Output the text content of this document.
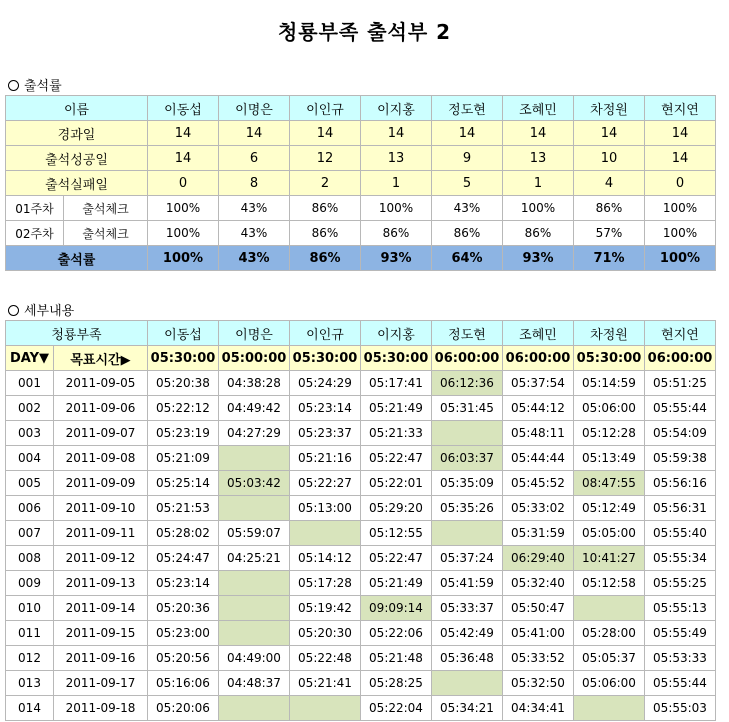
청룡부족 출석부 2
출석률
이름		이동섭	이명은	이인규	이지홍	정도현	조혜민	차정원	현지연
경과일		14	14	14	14	14	14	14	14
출석성공일		14	6	12	13	9	13	10	14
출석실패일		0	8	2	1	5	1	4	0
01주차	출석체크	100%	43%	86%	100%	43%	100%	86%	100%
02주차	출석체크	100%	43%	86%	86%	86%	86%	57%	100%
출석률		100%	43%	86%	93%	64%	93%	71%	100%
세부내용
청룡부족		이동섭	이명은	이인규	이지홍	정도현	조혜민	차정원	현지연
DAY▼	목표시간▶	05:30:00	05:00:00	05:30:00	05:30:00	06:00:00	06:00:00	05:30:00	06:00:00
001	2011-09-05	05:20:38	04:38:28	05:24:29	05:17:41	06:12:36	05:37:54	05:14:59	05:51:25
002	2011-09-06	05:22:12	04:49:42	05:23:14	05:21:49	05:31:45	05:44:12	05:06:00	05:55:44
003	2011-09-07	05:23:19	04:27:29	05:23:37	05:21:33		05:48:11	05:12:28	05:54:09
004	2011-09-08	05:21:09		05:21:16	05:22:47	06:03:37	05:44:44	05:13:49	05:59:38
005	2011-09-09	05:25:14	05:03:42	05:22:27	05:22:01	05:35:09	05:45:52	08:47:55	05:56:16
006	2011-09-10	05:21:53		05:13:00	05:29:20	05:35:26	05:33:02	05:12:49	05:56:31
007	2011-09-11	05:28:02	05:59:07		05:12:55		05:31:59	05:05:00	05:55:40
008	2011-09-12	05:24:47	04:25:21	05:14:12	05:22:47	05:37:24	06:29:40	10:41:27	05:55:34
009	2011-09-13	05:23:14		05:17:28	05:21:49	05:41:59	05:32:40	05:12:58	05:55:25
010	2011-09-14	05:20:36		05:19:42	09:09:14	05:33:37	05:50:47		05:55:13
011	2011-09-15	05:23:00		05:20:30	05:22:06	05:42:49	05:41:00	05:28:00	05:55:49
012	2011-09-16	05:20:56	04:49:00	05:22:48	05:21:48	05:36:48	05:33:52	05:05:37	05:53:33
013	2011-09-17	05:16:06	04:48:37	05:21:41	05:28:25		05:32:50	05:06:00	05:55:44
014	2011-09-18	05:20:06			05:22:04	05:34:21	04:34:41		05:55:03
